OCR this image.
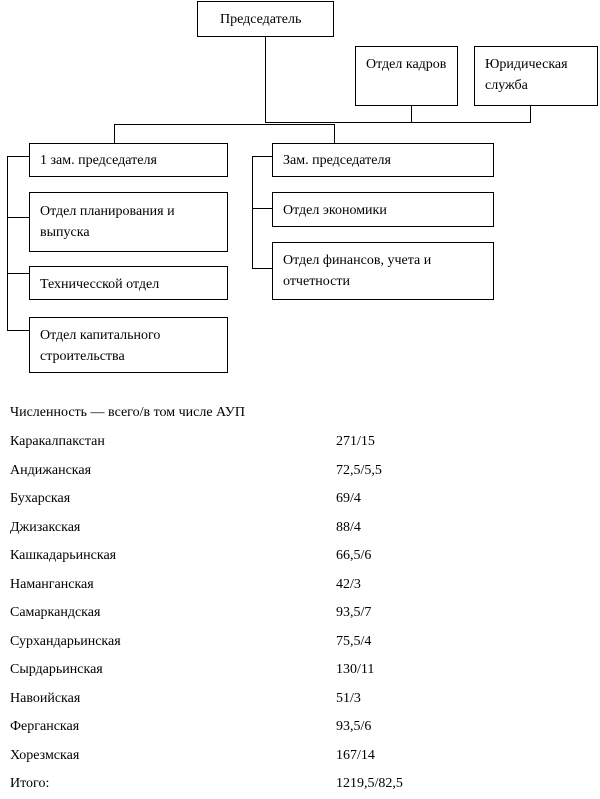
Председатель
Отдел кадров	Юридическая служба
1 зам. председателя
Отдел планирования и выпуска
Техничесской отдел
Отдел капитального строительства
Зам. председателя
Отдел экономики
Отдел финансов, учета и отчетности
Численность — всего/в том числе АУП
Каракалпакстан	271/15
Андижанская	72,5/5,5
Бухарская	69/4
Джизакская	88/4
Кашкадарьинская	66,5/6
Наманганская	42/3
Самаркандская	93,5/7
Сурхандарьинская	75,5/4
Сырдарьинская	130/11
Навоийская	51/3
Ферганская	93,5/6
Хорезмская	167/14
Итого:	1219,5/82,5
